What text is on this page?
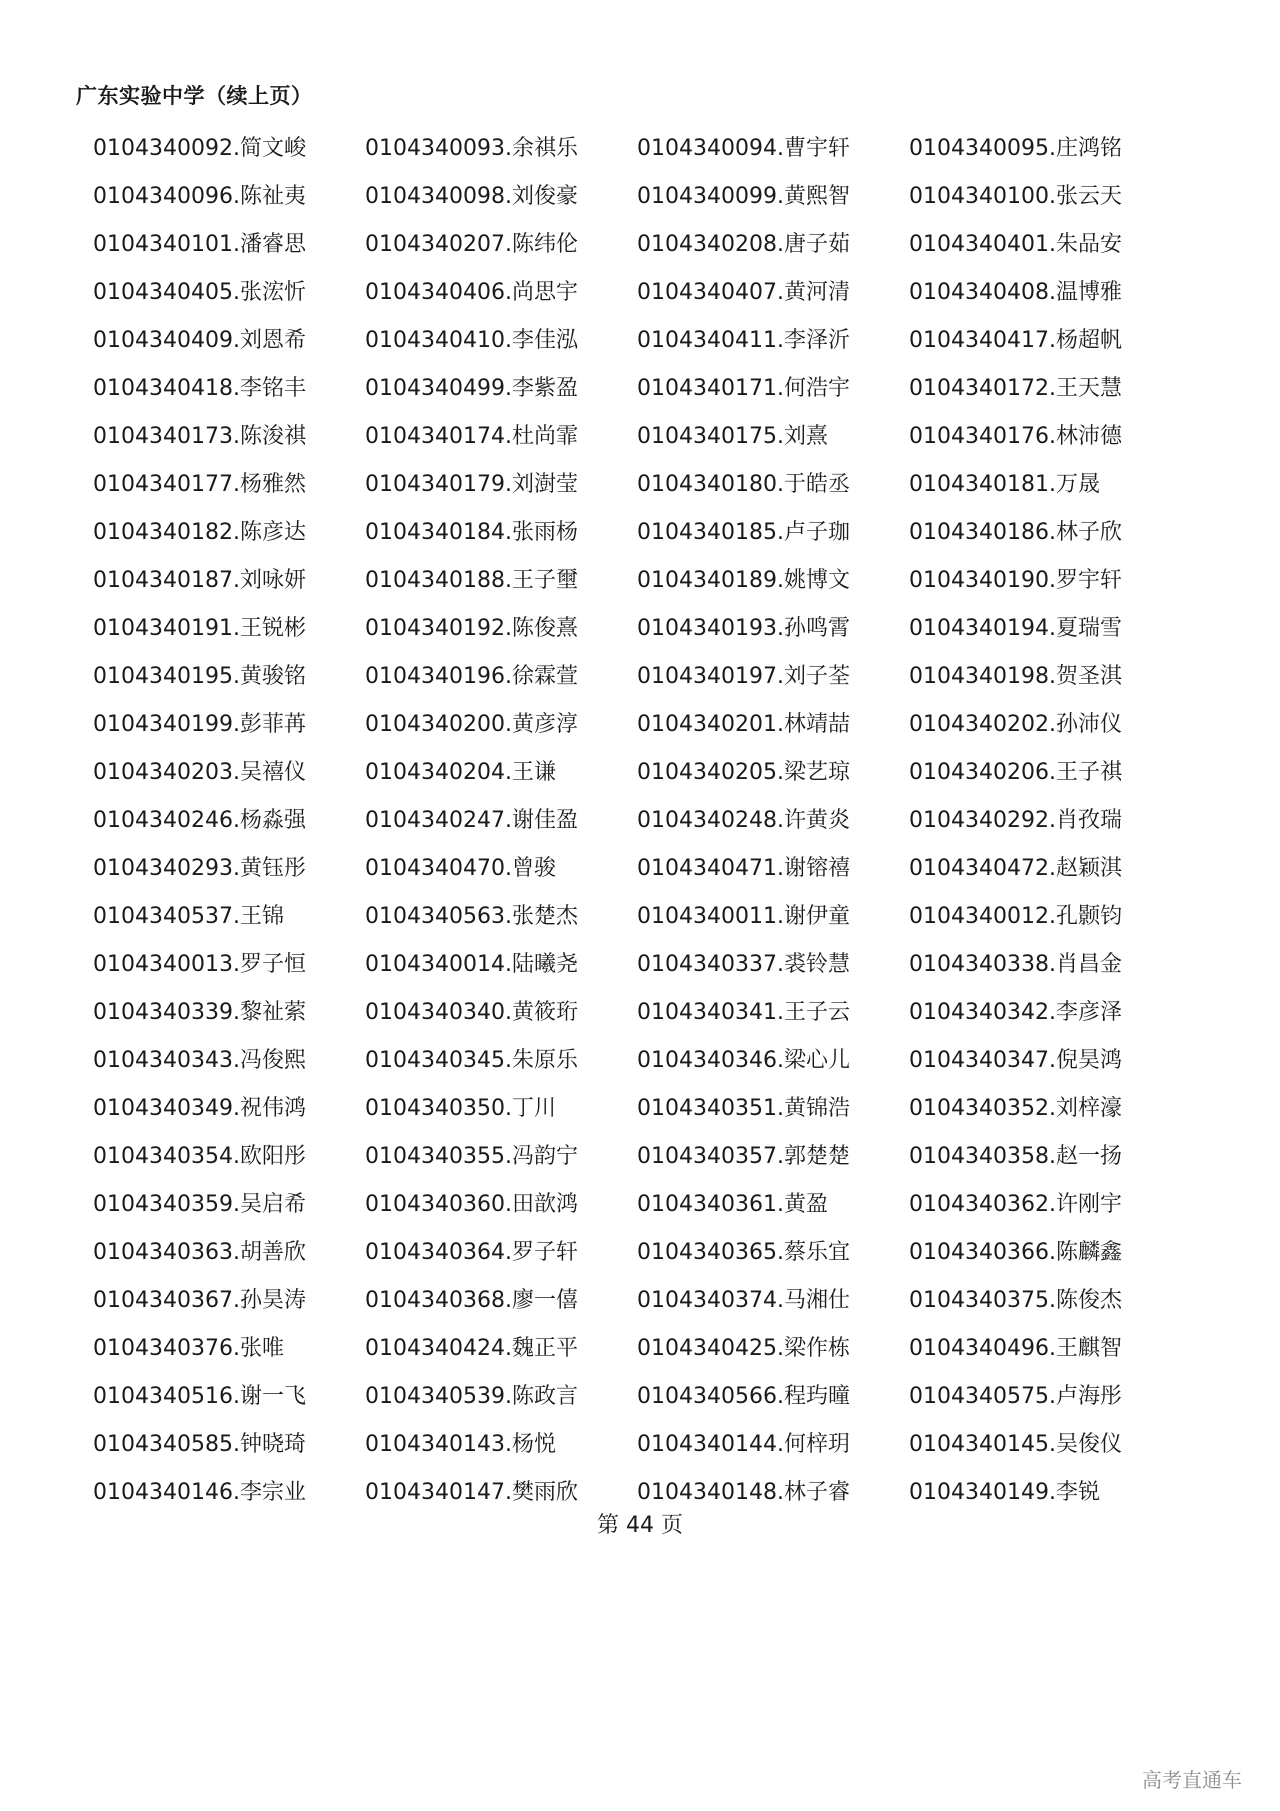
广东实验中学（续上页）
0104340092.简文峻	0104340093.余祺乐	0104340094.曹宇轩	0104340095.庄鸿铭
0104340096.陈祉夷	0104340098.刘俊豪	0104340099.黄熙智	0104340100.张云天
0104340101.潘睿思	0104340207.陈纬伦	0104340208.唐子茹	0104340401.朱品安
0104340405.张浤忻	0104340406.尚思宇	0104340407.黄河清	0104340408.温博雅
0104340409.刘恩希	0104340410.李佳泓	0104340411.李泽沂	0104340417.杨超帆
0104340418.李铭丰	0104340499.李紫盈	0104340171.何浩宇	0104340172.王天慧
0104340173.陈浚祺	0104340174.杜尚霏	0104340175.刘熹	0104340176.林沛德
0104340177.杨雅然	0104340179.刘澍莹	0104340180.于皓丞	0104340181.万晟
0104340182.陈彦达	0104340184.张雨杨	0104340185.卢子珈	0104340186.林子欣
0104340187.刘咏妍	0104340188.王子壐	0104340189.姚博文	0104340190.罗宇轩
0104340191.王锐彬	0104340192.陈俊熹	0104340193.孙鸣霄	0104340194.夏瑞雪
0104340195.黄骏铭	0104340196.徐霖萱	0104340197.刘子荃	0104340198.贺圣淇
0104340199.彭菲苒	0104340200.黄彦淳	0104340201.林靖喆	0104340202.孙沛仪
0104340203.吴禧仪	0104340204.王谦	0104340205.梁艺琼	0104340206.王子祺
0104340246.杨淼强	0104340247.谢佳盈	0104340248.许黄炎	0104340292.肖孜瑞
0104340293.黄钰彤	0104340470.曾骏	0104340471.谢镕禧	0104340472.赵颖淇
0104340537.王锦	0104340563.张楚杰	0104340011.谢伊童	0104340012.孔颢钧
0104340013.罗子恒	0104340014.陆曦尧	0104340337.裘铃慧	0104340338.肖昌金
0104340339.黎祉萦	0104340340.黄筱珩	0104340341.王子云	0104340342.李彦泽
0104340343.冯俊熙	0104340345.朱原乐	0104340346.梁心儿	0104340347.倪昊鸿
0104340349.祝伟鸿	0104340350.丁川	0104340351.黄锦浩	0104340352.刘梓濠
0104340354.欧阳彤	0104340355.冯韵宁	0104340357.郭楚楚	0104340358.赵一扬
0104340359.吴启希	0104340360.田歆鸿	0104340361.黄盈	0104340362.许刚宇
0104340363.胡善欣	0104340364.罗子轩	0104340365.蔡乐宜	0104340366.陈麟鑫
0104340367.孙昊涛	0104340368.廖一僖	0104340374.马湘仕	0104340375.陈俊杰
0104340376.张唯	0104340424.魏正平	0104340425.梁作栋	0104340496.王麒智
0104340516.谢一飞	0104340539.陈政言	0104340566.程玙曈	0104340575.卢海彤
0104340585.钟晓琦	0104340143.杨悦	0104340144.何梓玥	0104340145.吴俊仪
0104340146.李宗业	0104340147.樊雨欣	0104340148.林子睿	0104340149.李锐
第 44 页
高考直通车
